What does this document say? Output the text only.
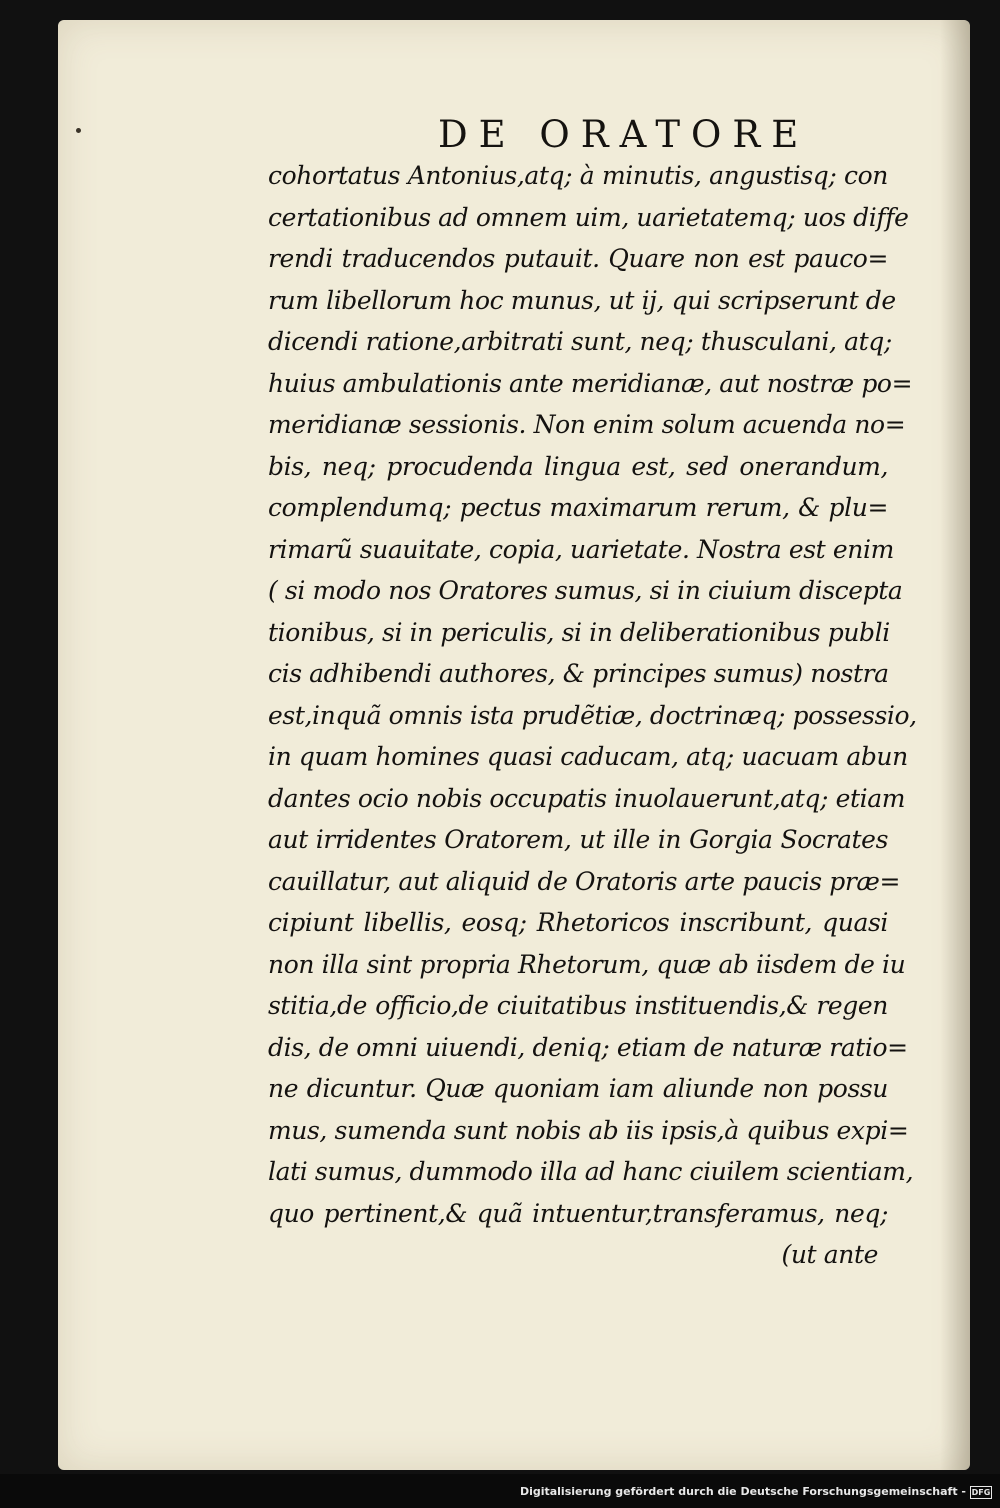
DE ORATORE
cohortatus Antonius,atq; à minutis, angustisq; con
certationibus ad omnem uim, uarietatemq; uos diffe
rendi traducendos putauit. Quare non est pauco=
rum libellorum hoc munus, ut ij, qui scripserunt de
dicendi ratione,arbitrati sunt, neq; thusculani, atq;
huius ambulationis ante meridianæ, aut nostræ po=
meridianæ sessionis. Non enim solum acuenda no=
bis, neq; procudenda lingua est, sed onerandum,
complendumq; pectus maximarum rerum, & plu=
rimarũ suauitate, copia, uarietate. Nostra est enim
( si modo nos Oratores sumus, si in ciuium discepta
tionibus, si in periculis, si in deliberationibus publi
cis adhibendi authores, & principes sumus) nostra
est,inquã omnis ista prudẽtiæ, doctrinæq; possessio,
in quam homines quasi caducam, atq; uacuam abun
dantes ocio nobis occupatis inuolauerunt,atq; etiam
aut irridentes Oratorem, ut ille in Gorgia Socrates
cauillatur, aut aliquid de Oratoris arte paucis præ=
cipiunt libellis, eosq; Rhetoricos inscribunt, quasi
non illa sint propria Rhetorum, quæ ab iisdem de iu
stitia,de officio,de ciuitatibus instituendis,& regen
dis, de omni uiuendi, deniq; etiam de naturæ ratio=
ne dicuntur. Quæ quoniam iam aliunde non possu
mus, sumenda sunt nobis ab iis ipsis,à quibus expi=
lati sumus, dummodo illa ad hanc ciuilem scientiam,
quo pertinent,& quã intuentur,transferamus, neq;
(ut ante
Digitalisierung gefördert durch die Deutsche Forschungsgemeinschaft - DFG
